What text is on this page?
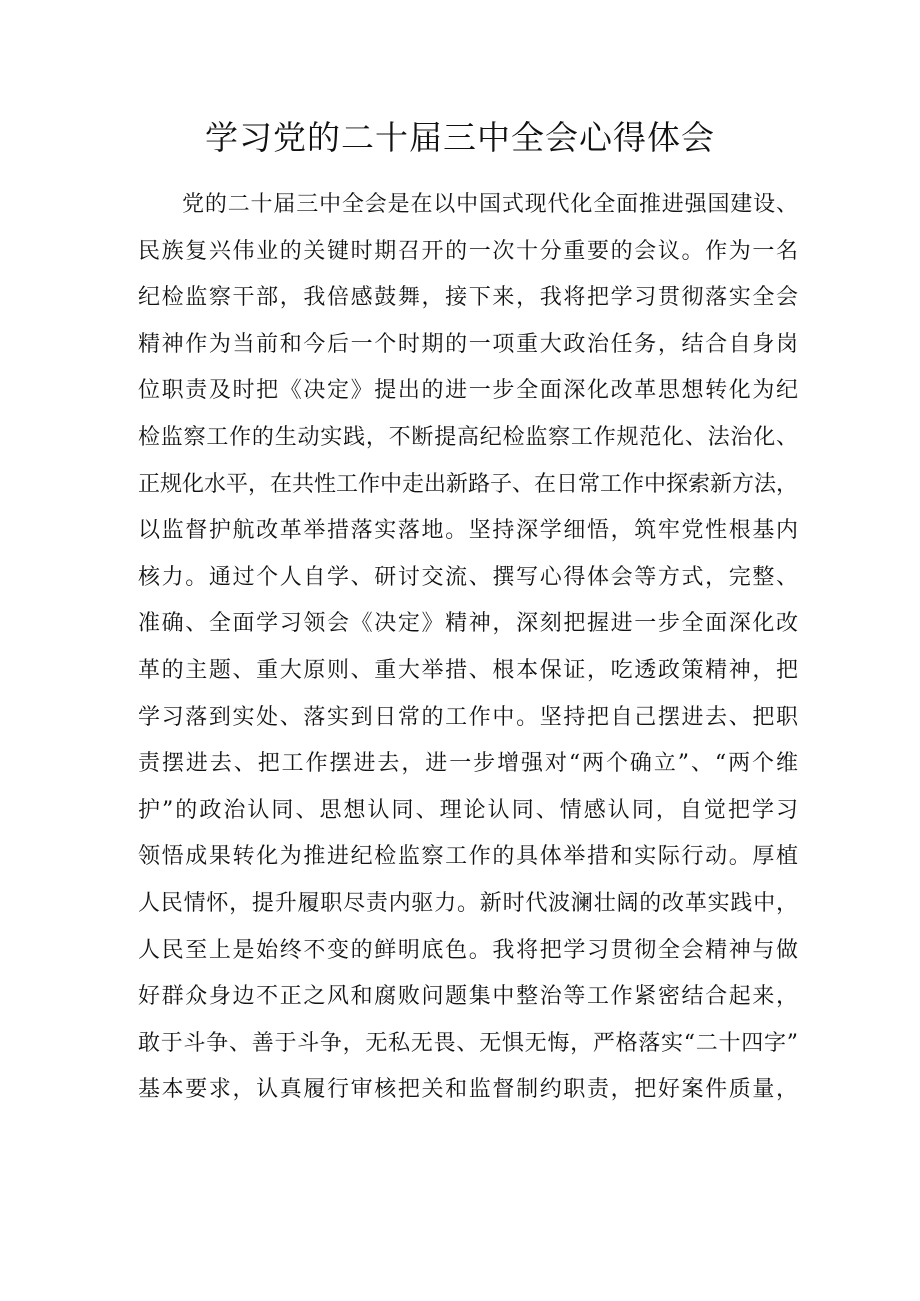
学习党的二十届三中全会心得体会
党的二十届三中全会是在以中国式现代化全面推进强国建设、
民族复兴伟业的关键时期召开的一次十分重要的会议。作为一名
纪检监察干部，我倍感鼓舞，接下来，我将把学习贯彻落实全会
精神作为当前和今后一个时期的一项重大政治任务，结合自身岗
位职责及时把《决定》提出的进一步全面深化改革思想转化为纪
检监察工作的生动实践，不断提高纪检监察工作规范化、法治化、
正规化水平，在共性工作中走出新路子、在日常工作中探索新方法，
以监督护航改革举措落实落地。坚持深学细悟，筑牢党性根基内
核力。通过个人自学、研讨交流、撰写心得体会等方式，完整、
准确、全面学习领会《决定》精神，深刻把握进一步全面深化改
革的主题、重大原则、重大举措、根本保证，吃透政策精神，把
学习落到实处、落实到日常的工作中。坚持把自己摆进去、把职
责摆进去、把工作摆进去，进一步增强对“两个确立”、“两个维
护”的政治认同、思想认同、理论认同、情感认同，自觉把学习
领悟成果转化为推进纪检监察工作的具体举措和实际行动。厚植
人民情怀，提升履职尽责内驱力。新时代波澜壮阔的改革实践中，
人民至上是始终不变的鲜明底色。我将把学习贯彻全会精神与做
好群众身边不正之风和腐败问题集中整治等工作紧密结合起来，
敢于斗争、善于斗争，无私无畏、无惧无悔，严格落实“二十四字”
基本要求，认真履行审核把关和监督制约职责，把好案件质量，
